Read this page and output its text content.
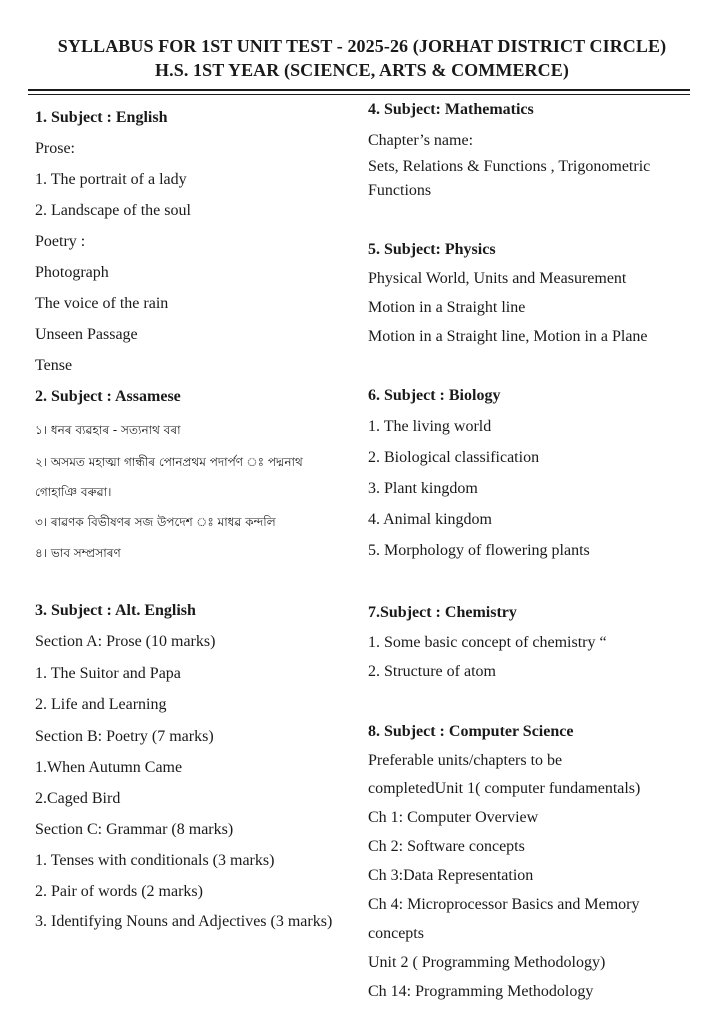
SYLLABUS FOR 1ST UNIT TEST - 2025-26 (JORHAT DISTRICT CIRCLE)
H.S. 1ST YEAR (SCIENCE, ARTS & COMMERCE)
1. Subject : English
Prose:
1. The portrait of a lady
2. Landscape of the soul
Poetry :
Photograph
The voice of the rain
Unseen Passage
Tense
2. Subject : Assamese
১। ধনৰ ব্যৱহাৰ - সত্যনাথ বৰা
২। অসমত মহাত্মা গান্ধীৰ পোনপ্ৰথম পদাৰ্পণ ঃ পদ্মনাথ
গোহাঞি বৰুৱা।
৩। ৰাৱণক বিভীষণৰ সজ উপদেশ ঃ মাধৱ কন্দলি
৪। ভাব সম্প্ৰসাৰণ
3. Subject : Alt. English
Section A: Prose (10 marks)
1. The Suitor and Papa
2. Life and Learning
Section B: Poetry (7 marks)
1.When Autumn Came
2.Caged Bird
Section C: Grammar (8 marks)
1. Tenses with conditionals (3 marks)
2. Pair of words (2 marks)
3. Identifying Nouns and Adjectives (3 marks)
4. Subject: Mathematics
Chapter’s name:
Sets, Relations & Functions , Trigonometric Functions
5. Subject: Physics
Physical World, Units and Measurement
Motion in a Straight line
Motion in a Straight line, Motion in a Plane
6. Subject : Biology
1. The living world
2. Biological classification
3. Plant kingdom
4. Animal kingdom
5. Morphology of flowering plants
7.Subject : Chemistry
1. Some basic concept of chemistry “
2. Structure of atom
8. Subject : Computer Science
Preferable units/chapters to be
completedUnit 1( computer fundamentals)
Ch 1: Computer Overview
Ch 2: Software concepts
Ch 3:Data Representation
Ch 4: Microprocessor Basics and Memory
concepts
Unit 2 ( Programming Methodology)
Ch 14: Programming Methodology
